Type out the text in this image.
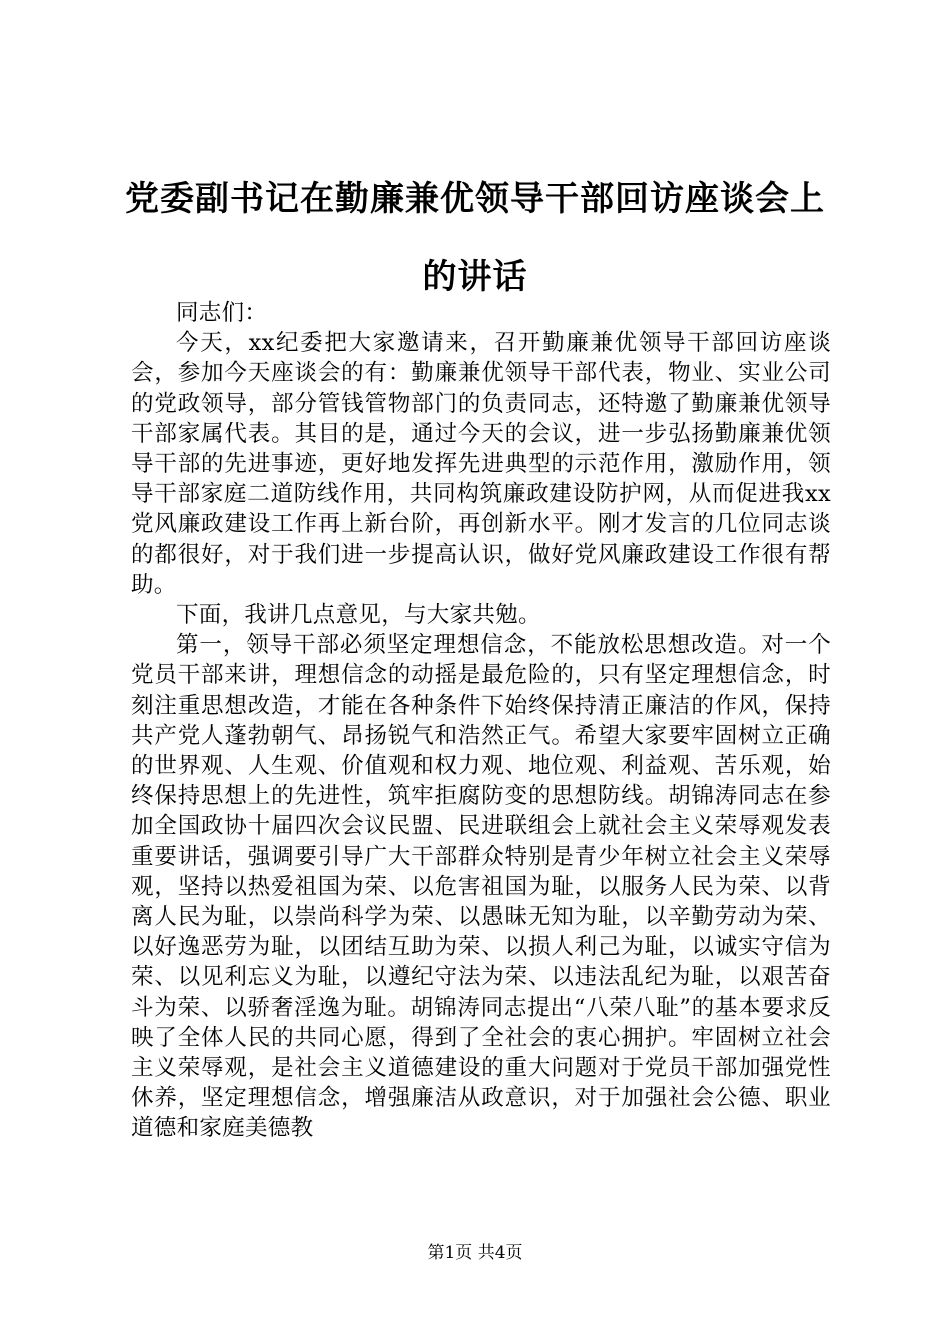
党委副书记在勤廉兼优领导干部回访座谈会上
的讲话

同志们：

今天，xx纪委把大家邀请来，召开勤廉兼优领导干部回访座谈会，参加今天座谈会的有：勤廉兼优领导干部代表，物业、实业公司的党政领导，部分管钱管物部门的负责同志，还特邀了勤廉兼优领导干部家属代表。其目的是，通过今天的会议，进一步弘扬勤廉兼优领导干部的先进事迹，更好地发挥先进典型的示范作用，激励作用，领导干部家庭二道防线作用，共同构筑廉政建设防护网，从而促进我xx党风廉政建设工作再上新台阶，再创新水平。刚才发言的几位同志谈的都很好，对于我们进一步提高认识，做好党风廉政建设工作很有帮助。

下面，我讲几点意见，与大家共勉。

第一，领导干部必须坚定理想信念，不能放松思想改造。对一个党员干部来讲，理想信念的动摇是最危险的，只有坚定理想信念，时刻注重思想改造，才能在各种条件下始终保持清正廉洁的作风，保持共产党人蓬勃朝气、昂扬锐气和浩然正气。希望大家要牢固树立正确的世界观、人生观、价值观和权力观、地位观、利益观、苦乐观，始终保持思想上的先进性，筑牢拒腐防变的思想防线。胡锦涛同志在参加全国政协十届四次会议民盟、民进联组会上就社会主义荣辱观发表重要讲话，强调要引导广大干部群众特别是青少年树立社会主义荣辱观，坚持以热爱祖国为荣、以危害祖国为耻，以服务人民为荣、以背离人民为耻，以崇尚科学为荣、以愚昧无知为耻，以辛勤劳动为荣、以好逸恶劳为耻，以团结互助为荣、以损人利己为耻，以诚实守信为荣、以见利忘义为耻，以遵纪守法为荣、以违法乱纪为耻，以艰苦奋斗为荣、以骄奢淫逸为耻。胡锦涛同志提出“八荣八耻”的基本要求反映了全体人民的共同心愿，得到了全社会的衷心拥护。牢固树立社会主义荣辱观，是社会主义道德建设的重大问题对于党员干部加强党性休养，坚定理想信念，增强廉洁从政意识，对于加强社会公德、职业道德和家庭美德教

第1页 共4页
